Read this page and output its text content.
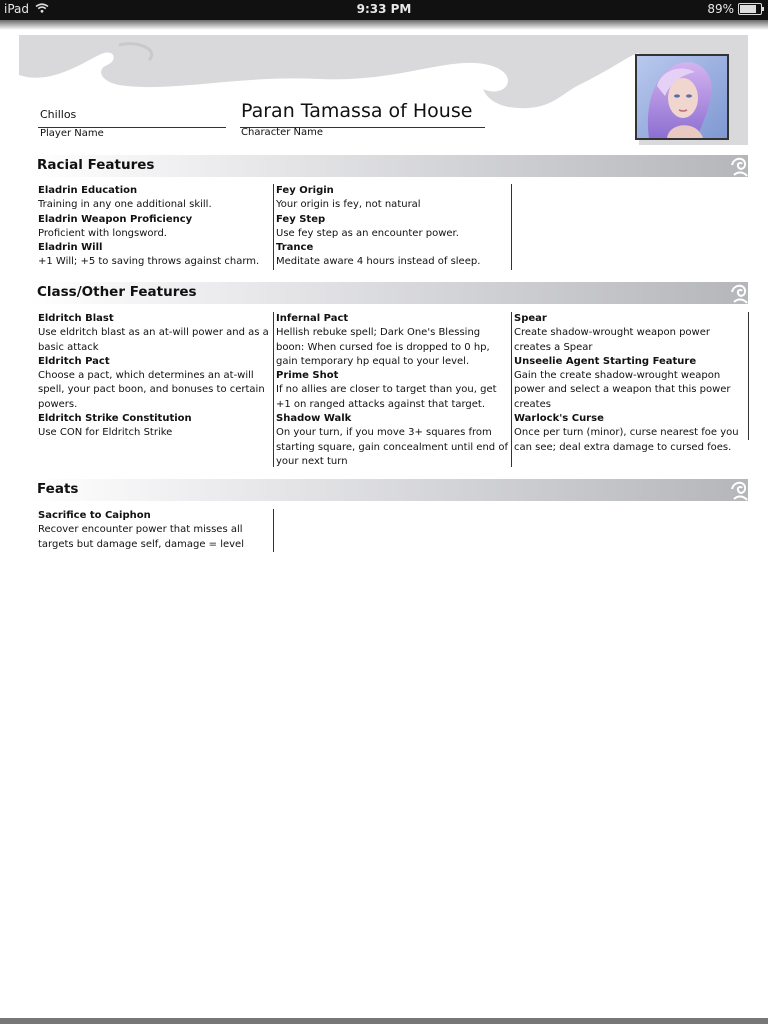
iPad	9:33 PM	89%
Chillos
Player Name
Paran Tamassa of House
Character Name
Racial Features
Eladrin Education
Training in any one additional skill.
Eladrin Weapon Proficiency
Proficient with longsword.
Eladrin Will
+1 Will; +5 to saving throws against charm.
Fey Origin
Your origin is fey, not natural
Fey Step
Use fey step as an encounter power.
Trance
Meditate aware 4 hours instead of sleep.
Class/Other Features
Eldritch Blast
Use eldritch blast as an at-will power and as a basic attack
Eldritch Pact
Choose a pact, which determines an at-will spell, your pact boon, and bonuses to certain powers.
Eldritch Strike Constitution
Use CON for Eldritch Strike
Infernal Pact
Hellish rebuke spell; Dark One's Blessing boon: When cursed foe is dropped to 0 hp, gain temporary hp equal to your level.
Prime Shot
If no allies are closer to target than you, get +1 on ranged attacks against that target.
Shadow Walk
On your turn, if you move 3+ squares from starting square, gain concealment until end of your next turn
Spear
Create shadow-wrought weapon power creates a Spear
Unseelie Agent Starting Feature
Gain the create shadow-wrought weapon power and select a weapon that this power creates
Warlock's Curse
Once per turn (minor), curse nearest foe you can see; deal extra damage to cursed foes.
Feats
Sacrifice to Caiphon
Recover encounter power that misses all targets but damage self, damage = level
